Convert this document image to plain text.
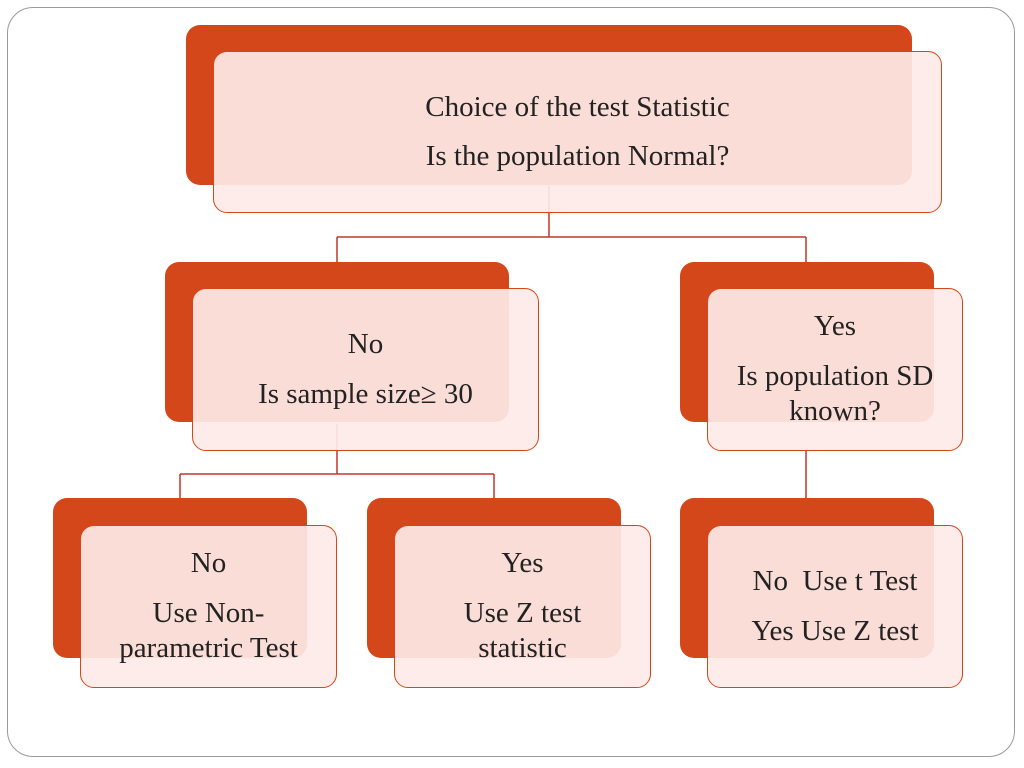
Choice of the test Statistic
Is the population Normal?
No
Is sample size≥ 30
Yes
Is population SD
known?
No
Use Non-
parametric Test
Yes
Use Z test
statistic
No  Use t Test
Yes Use Z test
